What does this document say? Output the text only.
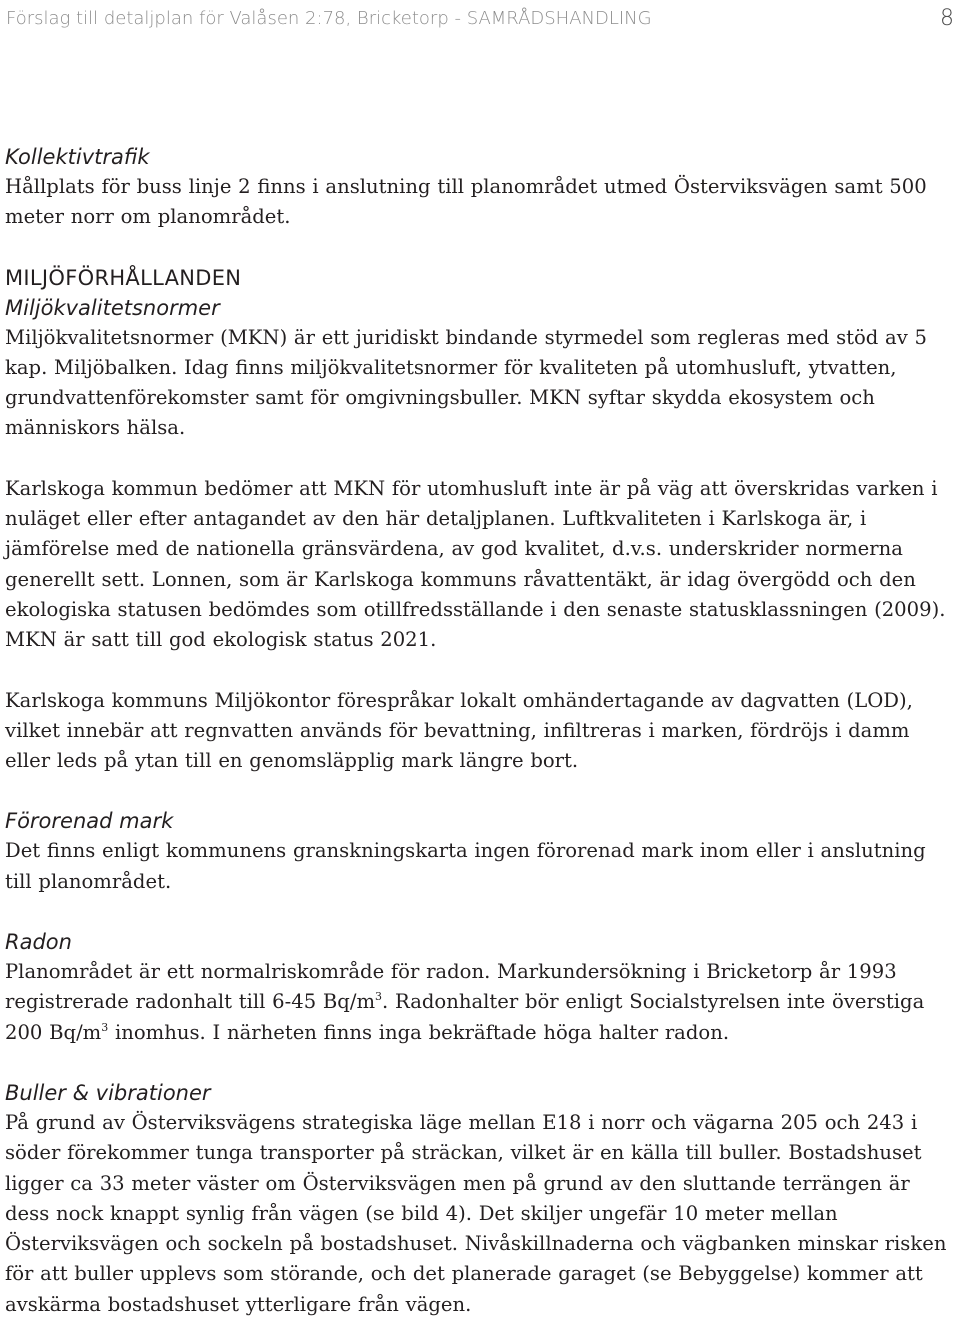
Förslag till detaljplan för Valåsen 2:78, Bricketorp - SAMRÅDSHANDLING	8

Kollektivtrafik

Hållplats för buss linje 2 finns i anslutning till planområdet utmed Österviksvägen samt 500 meter norr om planområdet.

MILJÖFÖRHÅLLANDEN

Miljökvalitetsnormer

Miljökvalitetsnormer (MKN) är ett juridiskt bindande styrmedel som regleras med stöd av 5 kap. Miljöbalken. Idag finns miljökvalitetsnormer för kvaliteten på utomhusluft, ytvatten, grundvattenförekomster samt för omgivningsbuller. MKN syftar skydda ekosystem och människors hälsa.

Karlskoga kommun bedömer att MKN för utomhusluft inte är på väg att överskridas varken i nuläget eller efter antagandet av den här detaljplanen. Luftkvaliteten i Karlskoga är, i jämförelse med de nationella gränsvärdena, av god kvalitet, d.v.s. underskrider normerna generellt sett. Lonnen, som är Karlskoga kommuns råvattentäkt, är idag övergödd och den ekologiska statusen bedömdes som otillfredsställande i den senaste statusklassningen (2009). MKN är satt till god ekologisk status 2021.

Karlskoga kommuns Miljökontor förespråkar lokalt omhändertagande av dagvatten (LOD), vilket innebär att regnvatten används för bevattning, infiltreras i marken, fördröjs i damm eller leds på ytan till en genomsläpplig mark längre bort.

Förorenad mark

Det finns enligt kommunens granskningskarta ingen förorenad mark inom eller i anslutning till planområdet.

Radon

Planområdet är ett normalriskområde för radon. Markundersökning i Bricketorp år 1993 registrerade radonhalt till 6-45 $Bq/m^3$. Radonhalter bör enligt Socialstyrelsen inte överstiga 200 $Bq/m^3$ inomhus. I närheten finns inga bekräftade höga halter radon.

Buller & vibrationer

På grund av Österviksvägens strategiska läge mellan E18 i norr och vägarna 205 och 243 i söder förekommer tunga transporter på sträckan, vilket är en källa till buller. Bostadshuset ligger ca 33 meter väster om Österviksvägen men på grund av den sluttande terrängen är dess nock knappt synlig från vägen (se bild 4). Det skiljer ungefär 10 meter mellan Österviksvägen och sockeln på bostadshuset. Nivåskillnaderna och vägbanken minskar risken för att buller upplevs som störande, och det planerade garaget (se Bebyggelse) kommer att avskärma bostadshuset ytterligare från vägen.
